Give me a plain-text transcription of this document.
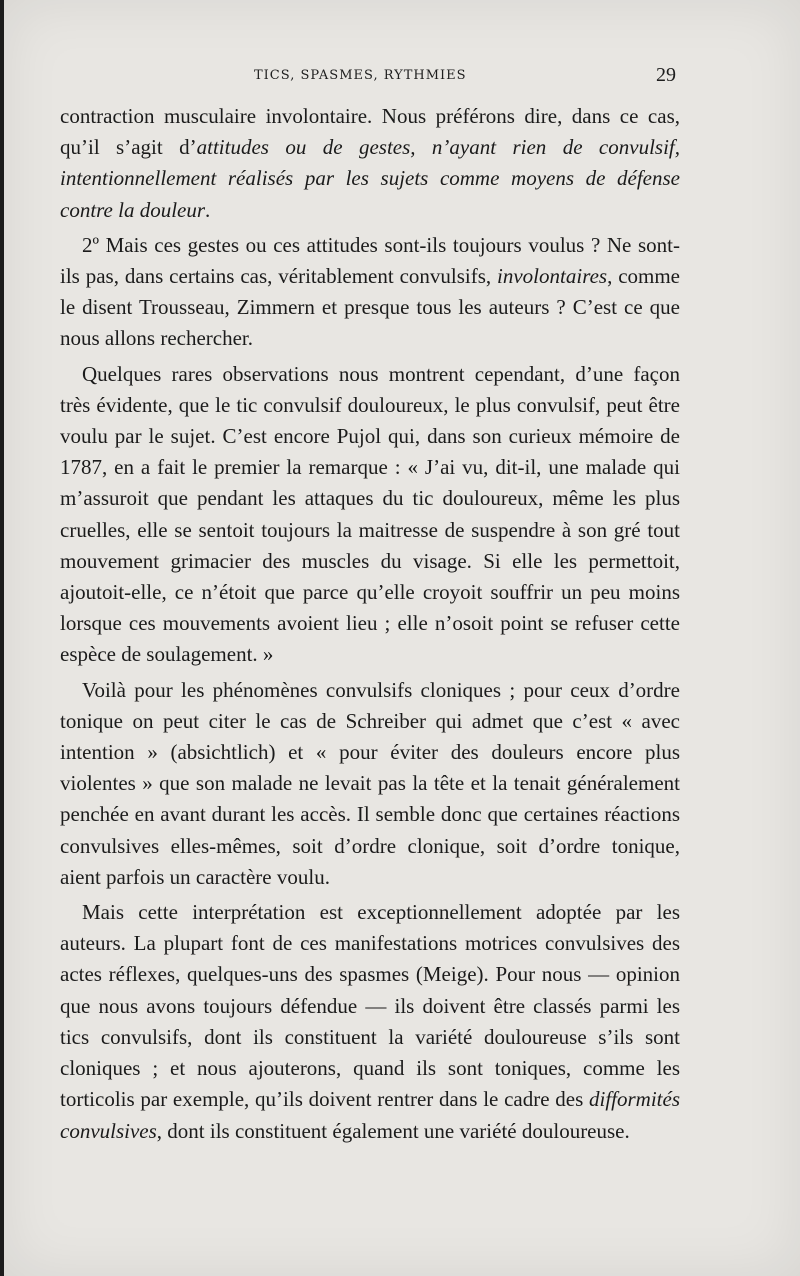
TICS, SPASMES, RYTHMIES	29

contraction musculaire involontaire. Nous préférons dire, dans ce cas, qu’il s’agit d’attitudes ou de gestes, n’ayant rien de convulsif, intentionnellement réalisés par les sujets comme moyens de défense contre la douleur.

2º Mais ces gestes ou ces attitudes sont-ils toujours voulus ? Ne sont-ils pas, dans certains cas, véritablement convulsifs, involontaires, comme le disent Trousseau, Zimmern et presque tous les auteurs ? C’est ce que nous allons rechercher.

Quelques rares observations nous montrent cependant, d’une façon très évidente, que le tic convulsif douloureux, le plus convulsif, peut être voulu par le sujet. C’est encore Pujol qui, dans son curieux mémoire de 1787, en a fait le premier la remarque : « J’ai vu, dit-il, une malade qui m’assuroit que pendant les attaques du tic douloureux, même les plus cruelles, elle se sentoit toujours la maitresse de suspendre à son gré tout mouvement grimacier des muscles du visage. Si elle les permettoit, ajoutoit-elle, ce n’étoit que parce qu’elle croyoit souffrir un peu moins lorsque ces mouvements avoient lieu ; elle n’osoit point se refuser cette espèce de soulagement. »

Voilà pour les phénomènes convulsifs cloniques ; pour ceux d’ordre tonique on peut citer le cas de Schreiber qui admet que c’est « avec intention » (absichtlich) et « pour éviter des douleurs encore plus violentes » que son malade ne levait pas la tête et la tenait généralement penchée en avant durant les accès. Il semble donc que certaines réactions convulsives elles-mêmes, soit d’ordre clonique, soit d’ordre tonique, aient parfois un caractère voulu.

Mais cette interprétation est exceptionnellement adoptée par les auteurs. La plupart font de ces manifestations motrices convulsives des actes réflexes, quelques-uns des spasmes (Meige). Pour nous — opinion que nous avons toujours défendue — ils doivent être classés parmi les tics convulsifs, dont ils constituent la variété douloureuse s’ils sont cloniques ; et nous ajouterons, quand ils sont toniques, comme les torticolis par exemple, qu’ils doivent rentrer dans le cadre des difformités convulsives, dont ils constituent également une variété douloureuse.
